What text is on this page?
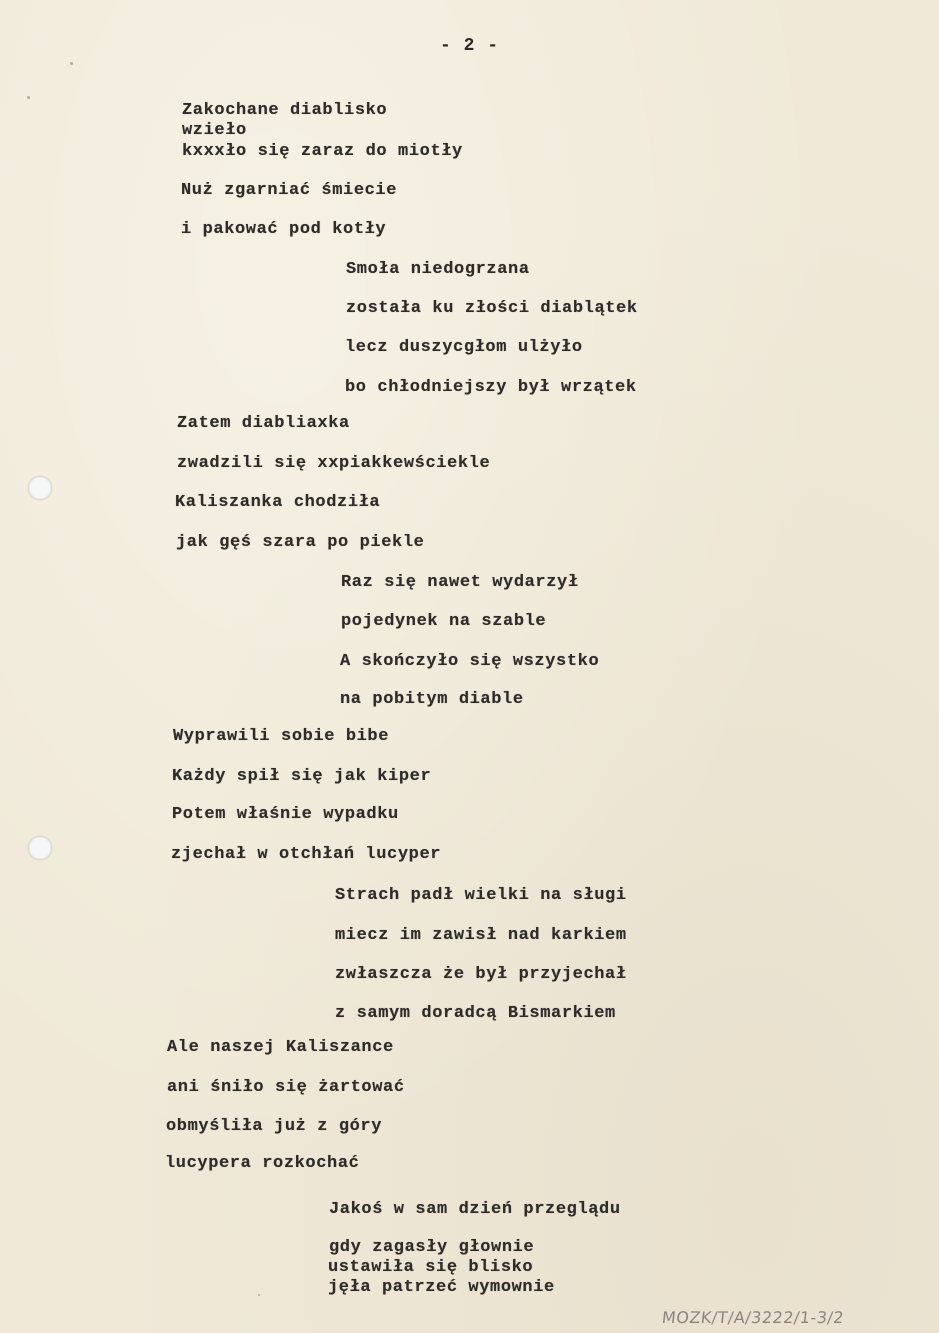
- 2 -
Zakochane diablisko
wzieło
kxxxło się zaraz do miotły
Nuż zgarniać śmiecie
i pakować pod kotły
Smoła niedogrzana
została ku złości diablątek
lecz duszycgłom ulżyło
bo chłodniejszy był wrzątek
Zatem diabliaxka
zwadzili się xxpiakkewściekle
Kaliszanka chodziła
jak gęś szara po piekle
Raz się nawet wydarzył
pojedynek na szable
A skończyło się wszystko
na pobitym diable
Wyprawili sobie bibe
Każdy spił się jak kiper
Potem właśnie wypadku
zjechał w otchłań lucyper
Strach padł wielki na sługi
miecz im zawisł nad karkiem
zwłaszcza że był przyjechał
z samym doradcą Bismarkiem
Ale naszej Kaliszance
ani śniło się żartować
obmyśliła już z góry
lucypera rozkochać
Jakoś w sam dzień przeglądu
gdy zagasły głownie
ustawiła się blisko
jęła patrzeć wymownie
MOZK/T/A/3222/1-3/2
